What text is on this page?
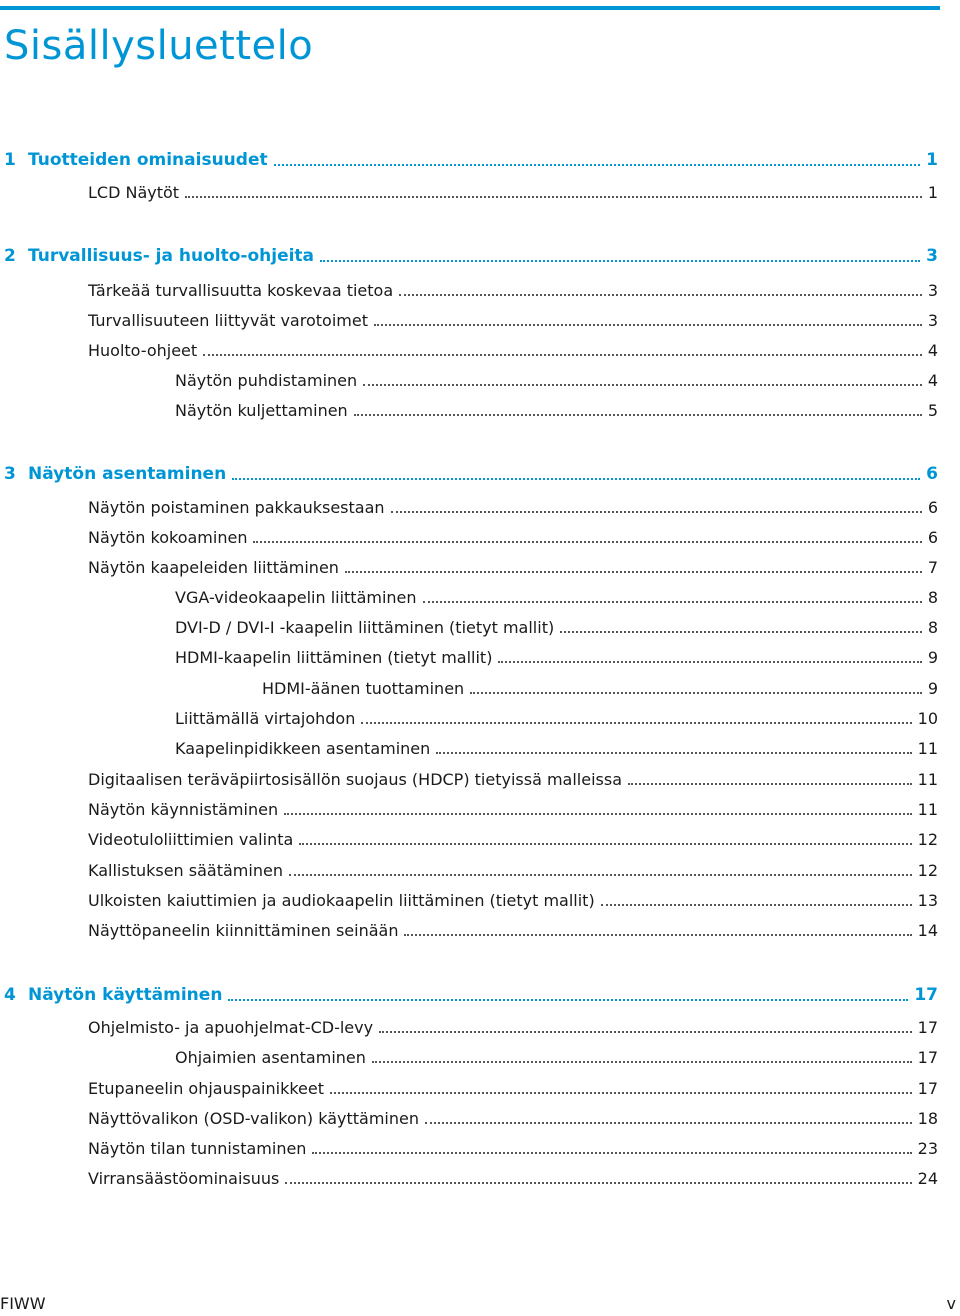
Sisällysluettelo
1 Tuotteiden ominaisuudet	1
LCD Näytöt	1
2 Turvallisuus- ja huolto-ohjeita	3
Tärkeää turvallisuutta koskevaa tietoa	3
Turvallisuuteen liittyvät varotoimet	3
Huolto-ohjeet	4
Näytön puhdistaminen	4
Näytön kuljettaminen	5
3 Näytön asentaminen	6
Näytön poistaminen pakkauksestaan	6
Näytön kokoaminen	6
Näytön kaapeleiden liittäminen	7
VGA-videokaapelin liittäminen	8
DVI-D / DVI-I -kaapelin liittäminen (tietyt mallit)	8
HDMI-kaapelin liittäminen (tietyt mallit)	9
HDMI-äänen tuottaminen	9
Liittämällä virtajohdon	10
Kaapelinpidikkeen asentaminen	11
Digitaalisen teräväpiirtosisällön suojaus (HDCP) tietyissä malleissa	11
Näytön käynnistäminen	11
Videotuloliittimien valinta	12
Kallistuksen säätäminen	12
Ulkoisten kaiuttimien ja audiokaapelin liittäminen (tietyt mallit)	13
Näyttöpaneelin kiinnittäminen seinään	14
4 Näytön käyttäminen	17
Ohjelmisto- ja apuohjelmat-CD-levy	17
Ohjaimien asentaminen	17
Etupaneelin ohjauspainikkeet	17
Näyttövalikon (OSD-valikon) käyttäminen	18
Näytön tilan tunnistaminen	23
Virransäästöominaisuus	24
FIWW	v
